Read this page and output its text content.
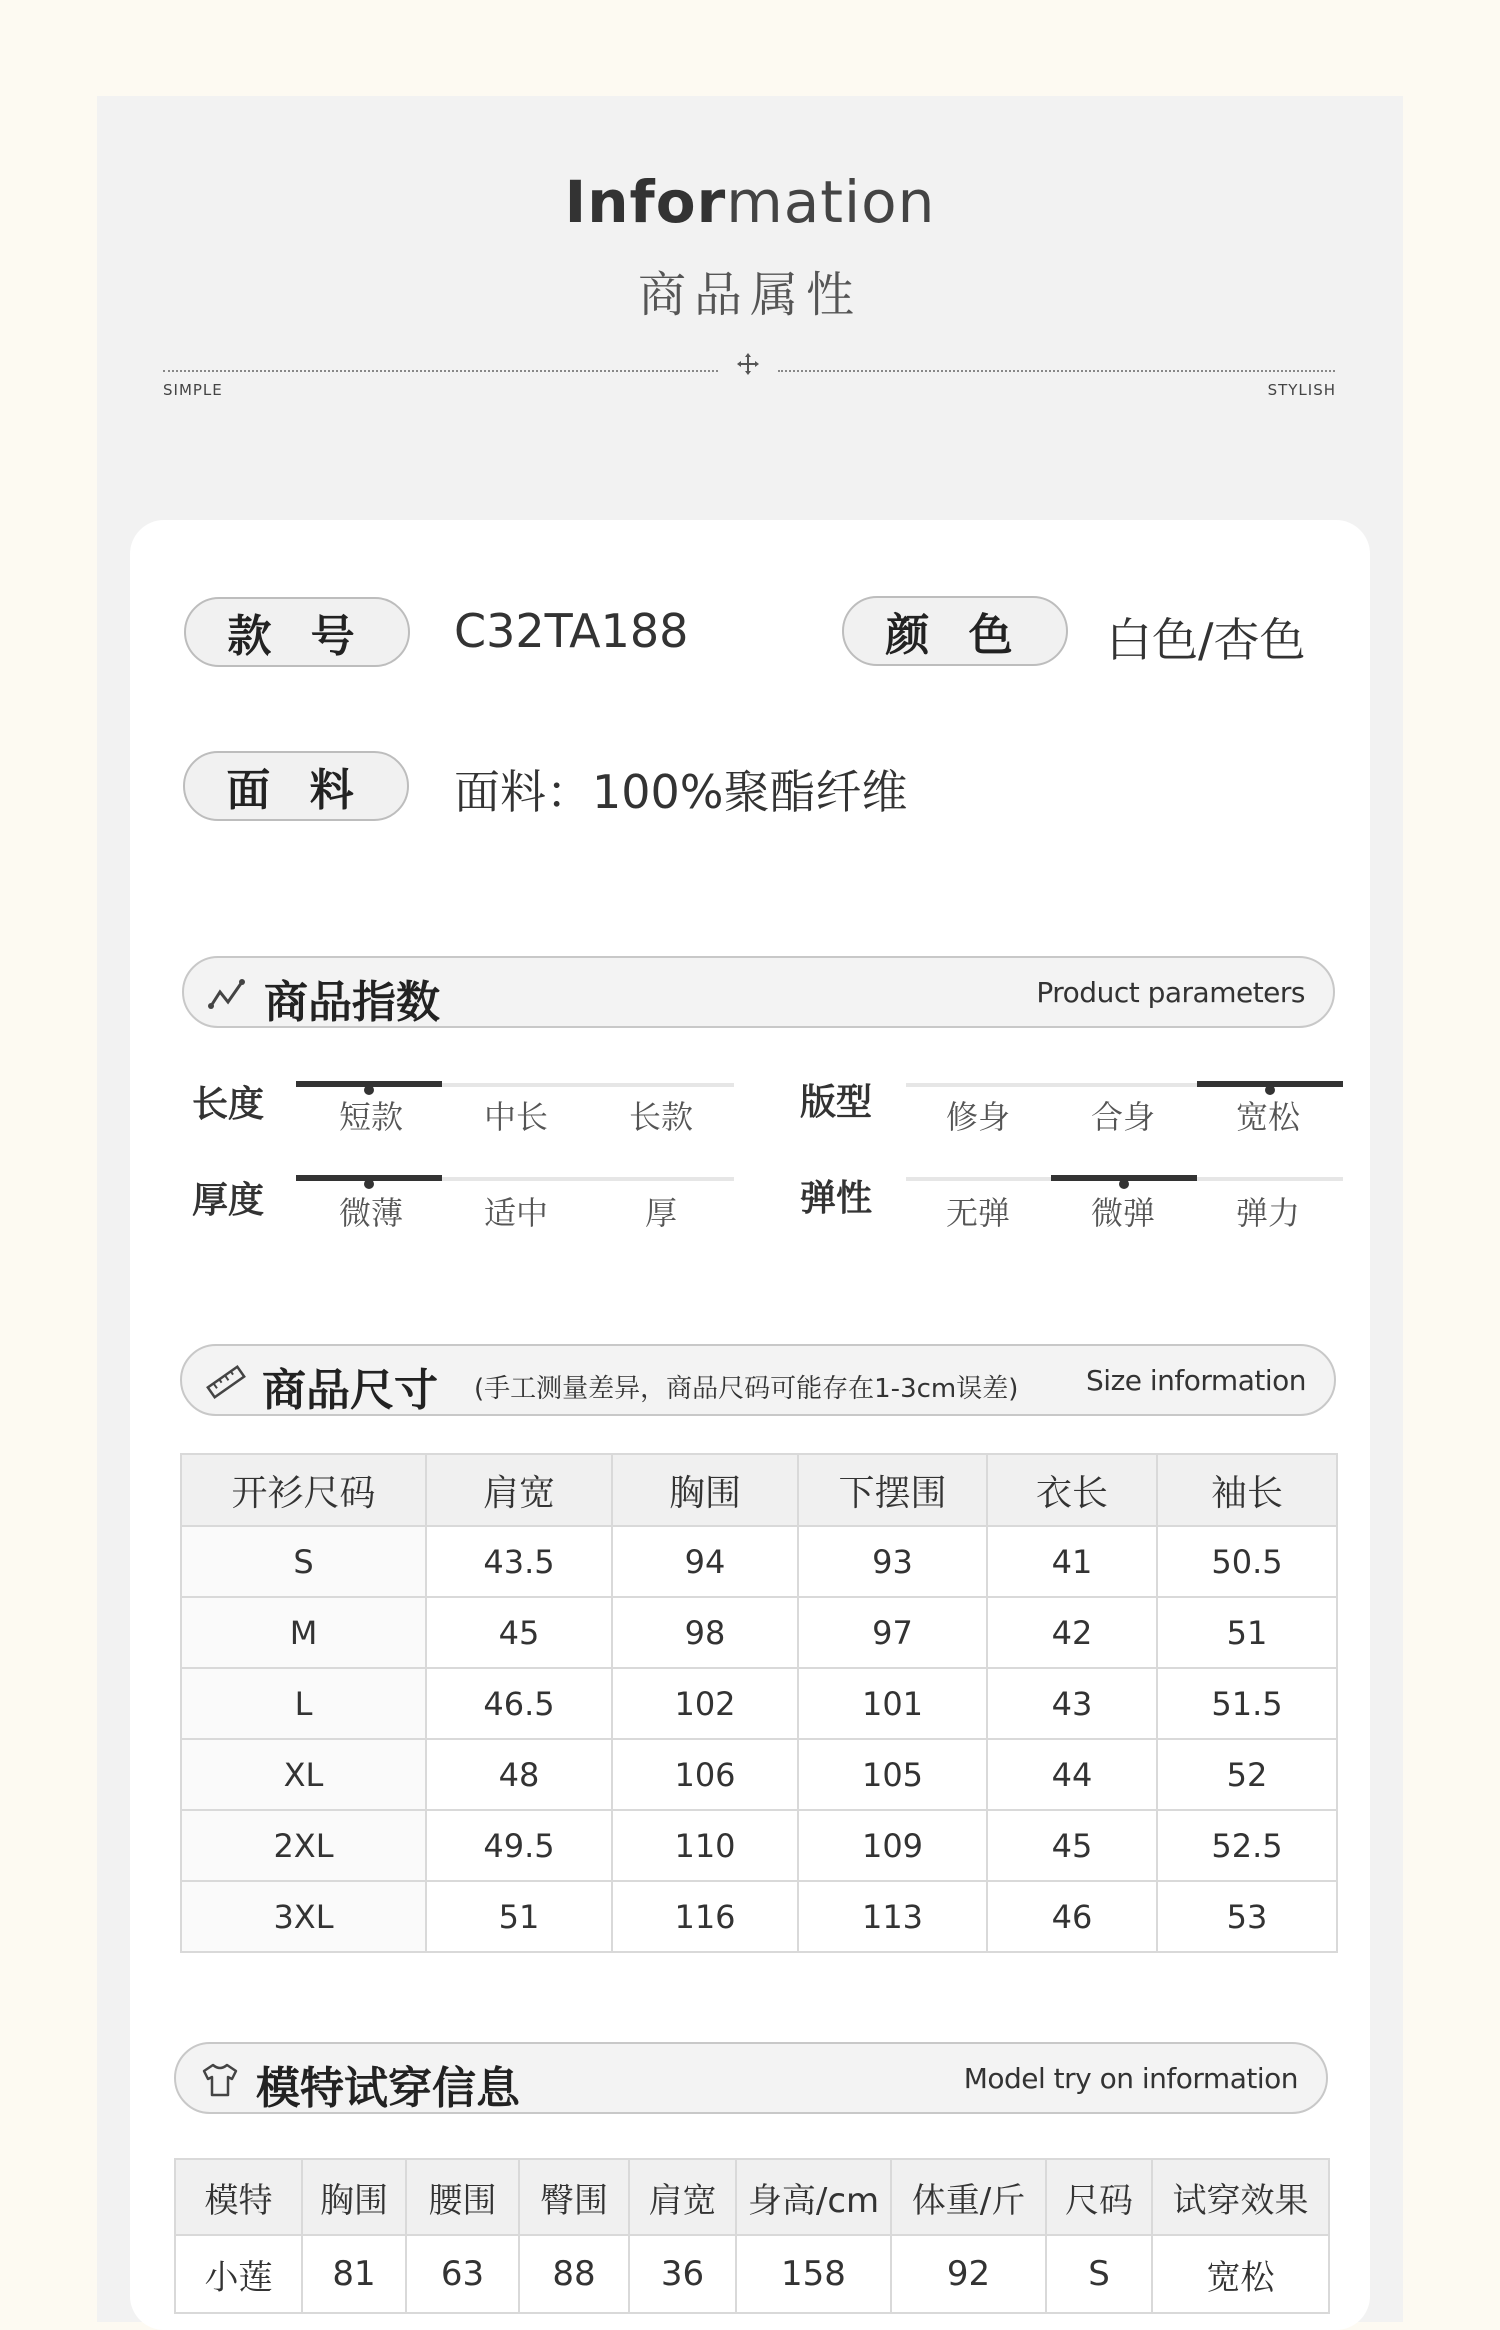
Information
商品属性
SIMPLE	STYLISH
款 号	C32TA188	颜 色	白色/杏色
面 料	面料：100%聚酯纤维
商品指数	Product parameters
长度	短款	中长	长款	版型	修身	合身	宽松
厚度	微薄	适中	厚	弹性	无弹	微弹	弹力
商品尺寸 (手工测量差异，商品尺码可能存在1-3cm误差) Size information
开衫尺码	肩宽	胸围	下摆围	衣长	袖长
S	43.5	94	93	41	50.5
M	45	98	97	42	51
L	46.5	102	101	43	51.5
XL	48	106	105	44	52
2XL	49.5	110	109	45	52.5
3XL	51	116	113	46	53
模特试穿信息	Model try on information
模特	胸围	腰围	臀围	肩宽	身高/cm	体重/斤	尺码	试穿效果
小莲	81	63	88	36	158	92	S	宽松
